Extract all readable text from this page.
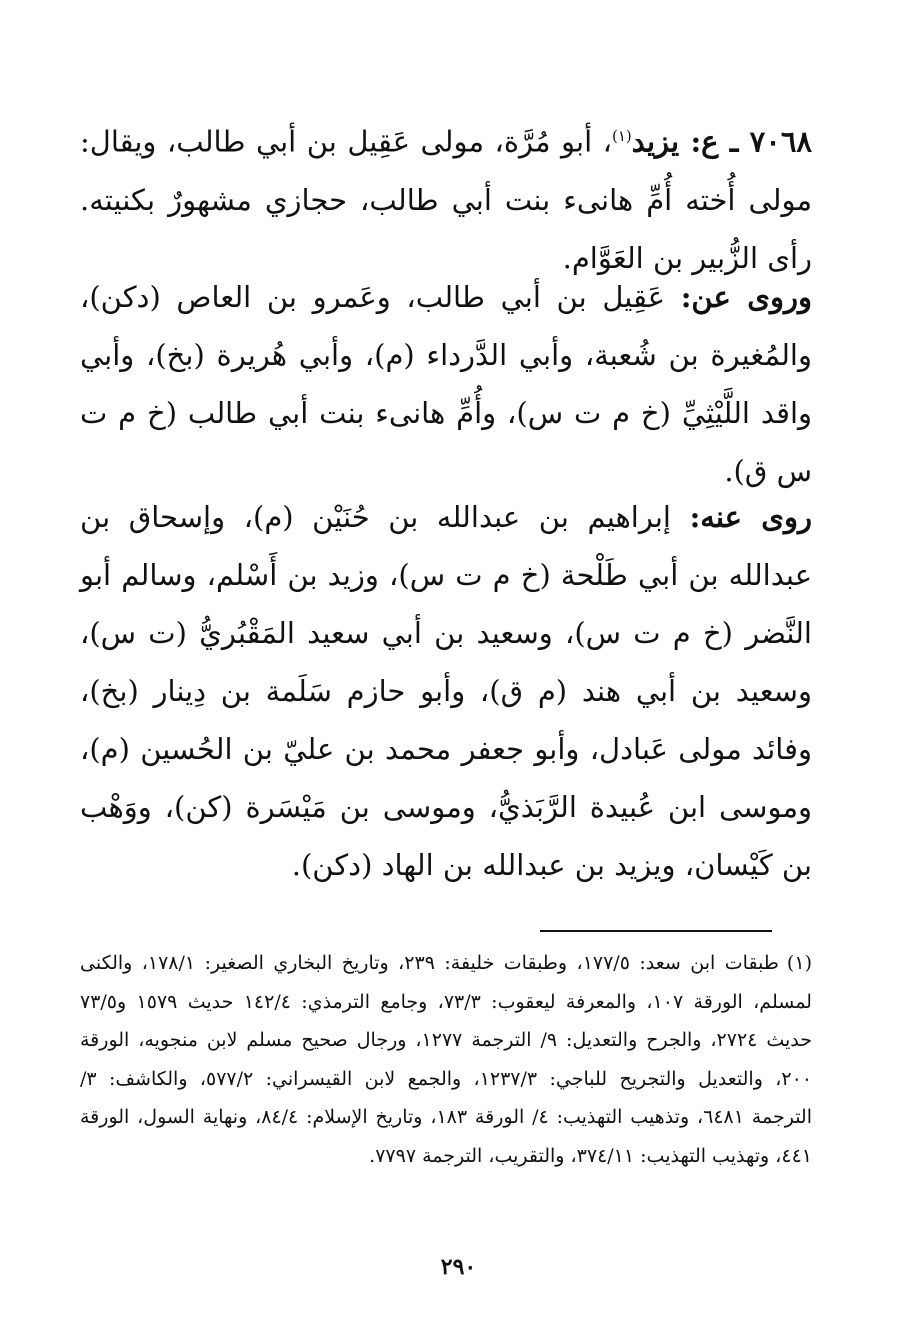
٧٠٦٨ ـ ع: يزيد$^{(١)}$، أبو مُرَّة، مولى عَقِيل بن أبي طالب، ويقال: مولى أُخته أُمِّ هانىء بنت أبي طالب، حجازي مشهورٌ بكنيته. رأى الزُّبير بن العَوَّام.
وروى عن: عَقِيل بن أبي طالب، وعَمرو بن العاص (دكن)، والمُغيرة بن شُعبة، وأبي الدَّرداء (م)، وأبي هُريرة (بخ)، وأبي واقد اللَّيْثِيِّ (خ م ت س)، وأُمِّ هانىء بنت أبي طالب (خ م ت س ق).
روى عنه: إبراهيم بن عبدالله بن حُنَيْن (م)، وإسحاق بن عبدالله بن أبي طَلْحة (خ م ت س)، وزيد بن أَسْلم، وسالم أبو النَّضر (خ م ت س)، وسعيد بن أبي سعيد المَقْبُريُّ (ت س)، وسعيد بن أبي هند (م ق)، وأبو حازم سَلَمة بن دِينار (بخ)، وفائد مولى عَبادل، وأبو جعفر محمد بن عليّ بن الحُسين (م)، وموسى ابن عُبيدة الرَّبَذيُّ، وموسى بن مَيْسَرة (كن)، ووَهْب بن كَيْسان، ويزيد بن عبدالله بن الهاد (دكن).
(١)طبقات ابن سعد: ١٧٧/٥، وطبقات خليفة: ٢٣٩، وتاريخ البخاري الصغير: ١٧٨/١، والكنى لمسلم، الورقة ١٠٧، والمعرفة ليعقوب: ٧٣/٣، وجامع الترمذي: ١٤٢/٤ حديث ١٥٧٩ و٧٣/٥ حديث ٢٧٢٤، والجرح والتعديل: ٩/ الترجمة ١٢٧٧، ورجال صحيح مسلم لابن منجويه، الورقة ٢٠٠، والتعديل والتجريح للباجي: ١٢٣٧/٣، والجمع لابن القيسراني: ٥٧٧/٢، والكاشف: ٣/ الترجمة ٦٤٨١، وتذهيب التهذيب: ٤/ الورقة ١٨٣، وتاريخ الإسلام: ٨٤/٤، ونهاية السول، الورقة ٤٤١، وتهذيب التهذيب: ٣٧٤/١١، والتقريب، الترجمة ٧٧٩٧.
٢٩٠
